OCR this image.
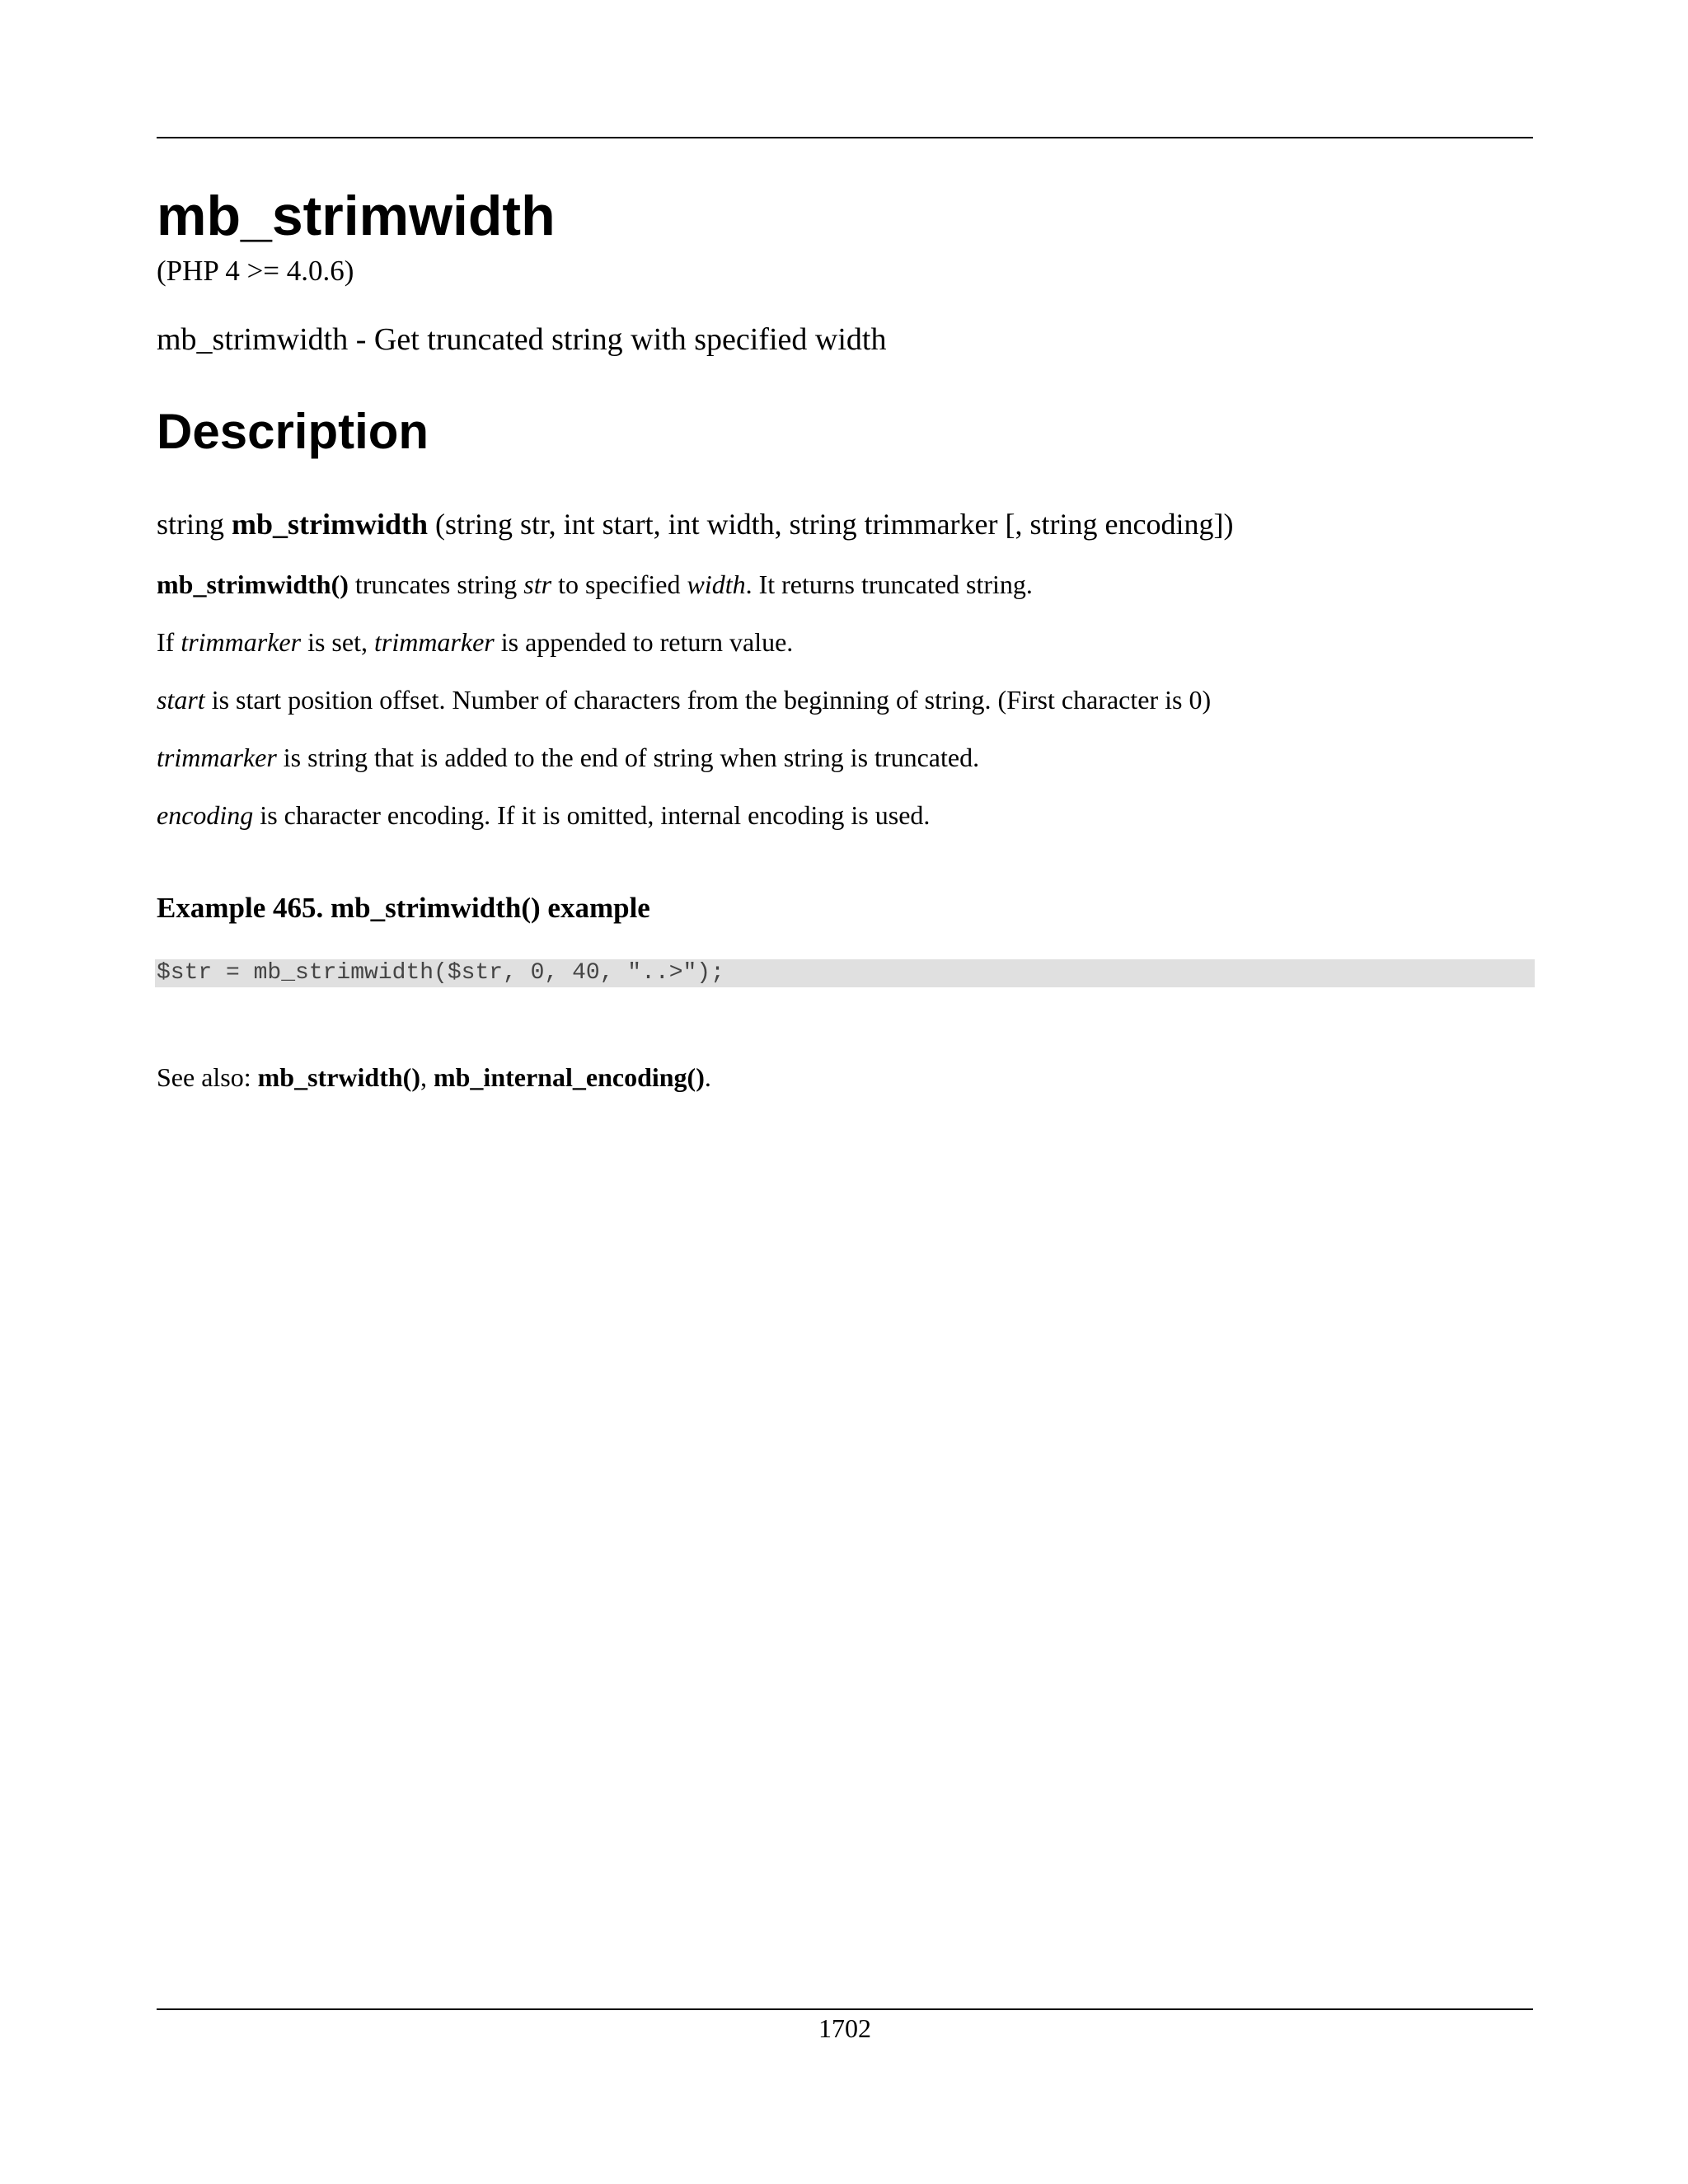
mb_strimwidth
(PHP 4 >= 4.0.6)
mb_strimwidth - Get truncated string with specified width
Description
string mb_strimwidth (string str, int start, int width, string trimmarker [, string encoding])

mb_strimwidth() truncates string str to specified width. It returns truncated string.

If trimmarker is set, trimmarker is appended to return value.

start is start position offset. Number of characters from the beginning of string. (First character is 0)

trimmarker is string that is added to the end of string when string is truncated.

encoding is character encoding. If it is omitted, internal encoding is used.

Example 465. mb_strimwidth() example
$str = mb_strimwidth($str, 0, 40, "..>");
See also: mb_strwidth(), mb_internal_encoding().
1702
